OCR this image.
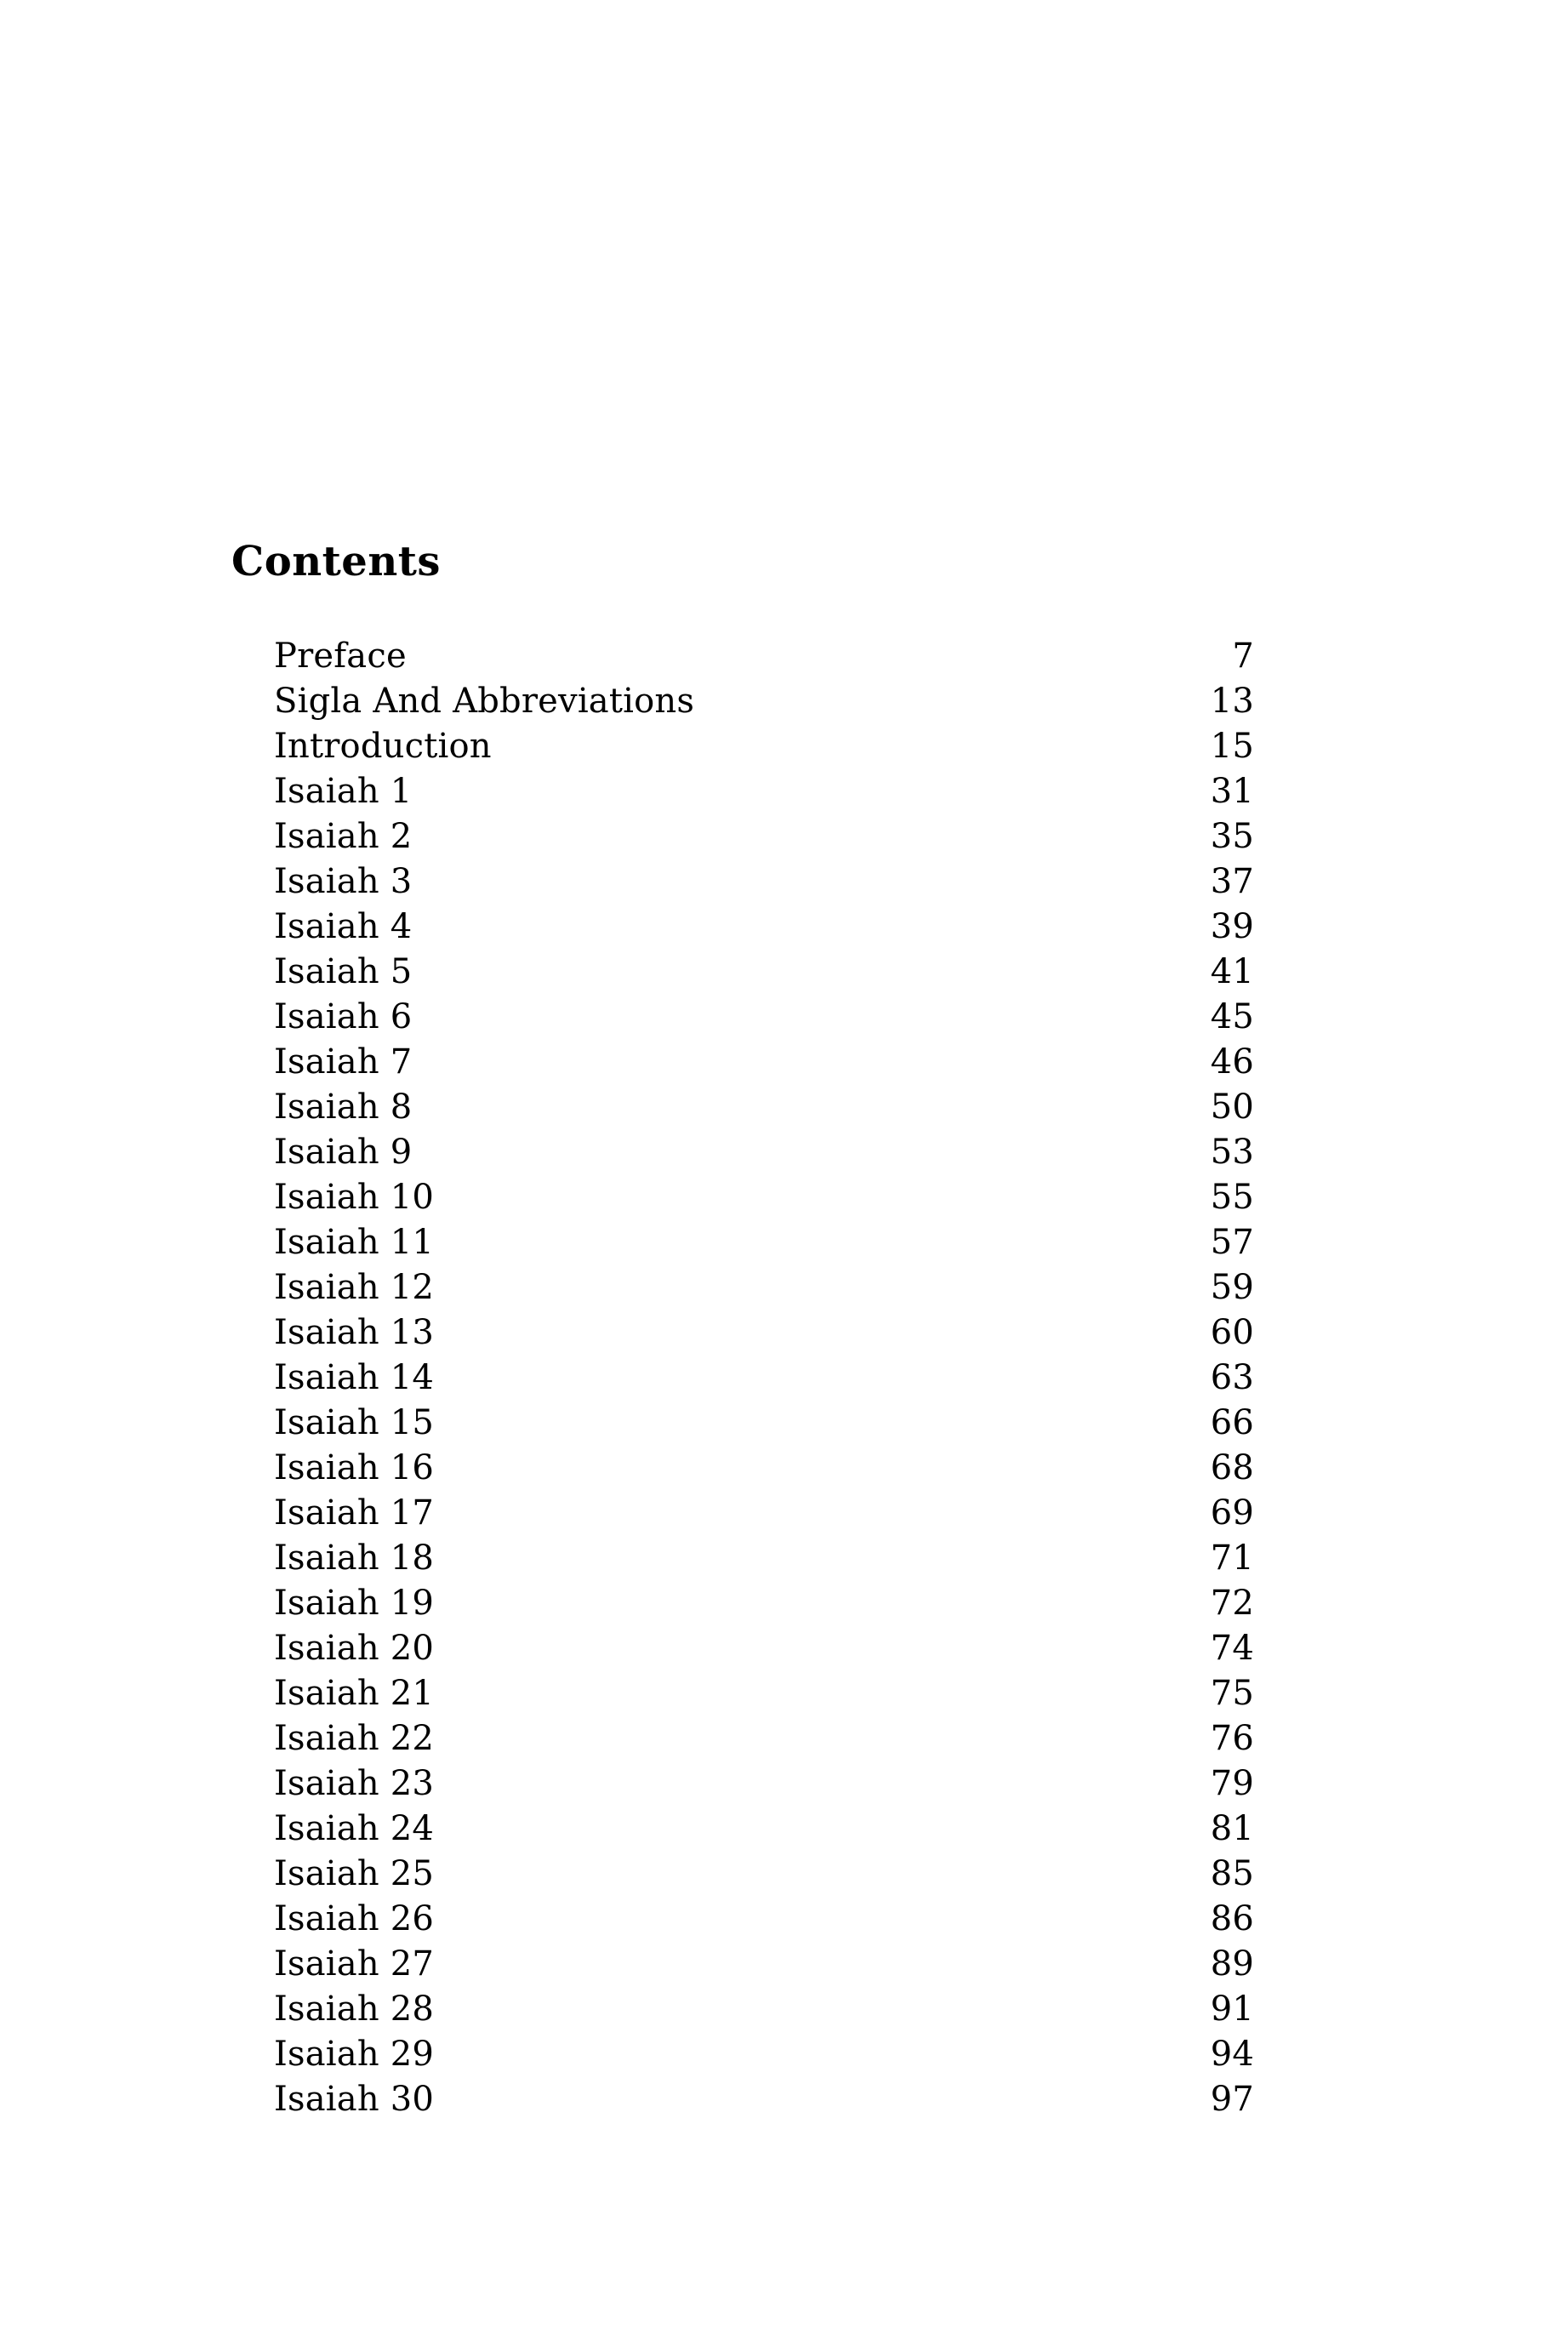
Contents
Preface	7
Sigla And Abbreviations	13
Introduction	15
Isaiah 1	31
Isaiah 2	35
Isaiah 3	37
Isaiah 4	39
Isaiah 5	41
Isaiah 6	45
Isaiah 7	46
Isaiah 8	50
Isaiah 9	53
Isaiah 10	55
Isaiah 11	57
Isaiah 12	59
Isaiah 13	60
Isaiah 14	63
Isaiah 15	66
Isaiah 16	68
Isaiah 17	69
Isaiah 18	71
Isaiah 19	72
Isaiah 20	74
Isaiah 21	75
Isaiah 22	76
Isaiah 23	79
Isaiah 24	81
Isaiah 25	85
Isaiah 26	86
Isaiah 27	89
Isaiah 28	91
Isaiah 29	94
Isaiah 30	97
